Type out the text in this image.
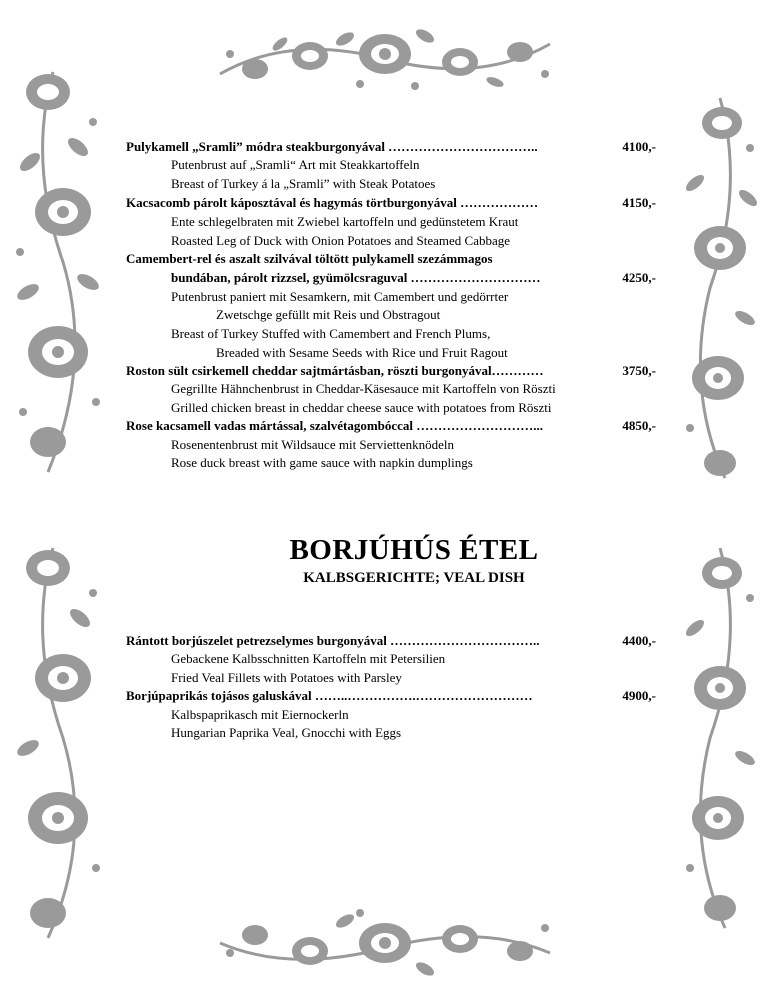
Pulykamell „Sramli” módra steakburgonyával ……………………………..	4100,-
Putenbrust auf „Sramli“ Art mit Steakkartoffeln
Breast of Turkey á la „Sramli” with Steak Potatoes
Kacsacomb párolt káposztával és hagymás törtburgonyával ………………	4150,-
Ente schlegelbraten mit Zwiebel kartoffeln und gedünstetem Kraut
Roasted Leg of Duck with Onion Potatoes and Steamed Cabbage
Camembert-rel és aszalt szilvával töltött pulykamell szezámmagos
bundában, párolt rizzsel, gyümölcsraguval …………………………	4250,-
Putenbrust paniert mit Sesamkern, mit Camembert und gedörrter
Zwetschge gefüllt mit Reis und Obstragout
Breast of Turkey Stuffed with Camembert and French Plums,
Breaded with Sesame Seeds with Rice und Fruit Ragout
Roston sült csirkemell cheddar sajtmártásban, röszti burgonyával…………	3750,-
Gegrillte Hähnchenbrust in Cheddar-Käsesauce mit Kartoffeln von Röszti
Grilled chicken breast in cheddar cheese sauce with potatoes from Röszti
Rose kacsamell vadas mártással, szalvétagombóccal ………………………...	4850,-
Rosenentenbrust mit Wildsauce mit Serviettenknödeln
Rose duck breast with game sauce with napkin dumplings
BORJÚHÚS ÉTEL
KALBSGERICHTE; VEAL DISH
Rántott borjúszelet petrezselymes burgonyával ……………………………..	4400,-
Gebackene Kalbsschnitten Kartoffeln mit Petersilien
Fried Veal Fillets with Potatoes with Parsley
Borjúpaprikás tojásos galuskával ……..…………….………………………	4900,-
Kalbspaprikasch mit Eiernockerln
Hungarian Paprika Veal, Gnocchi with Eggs
